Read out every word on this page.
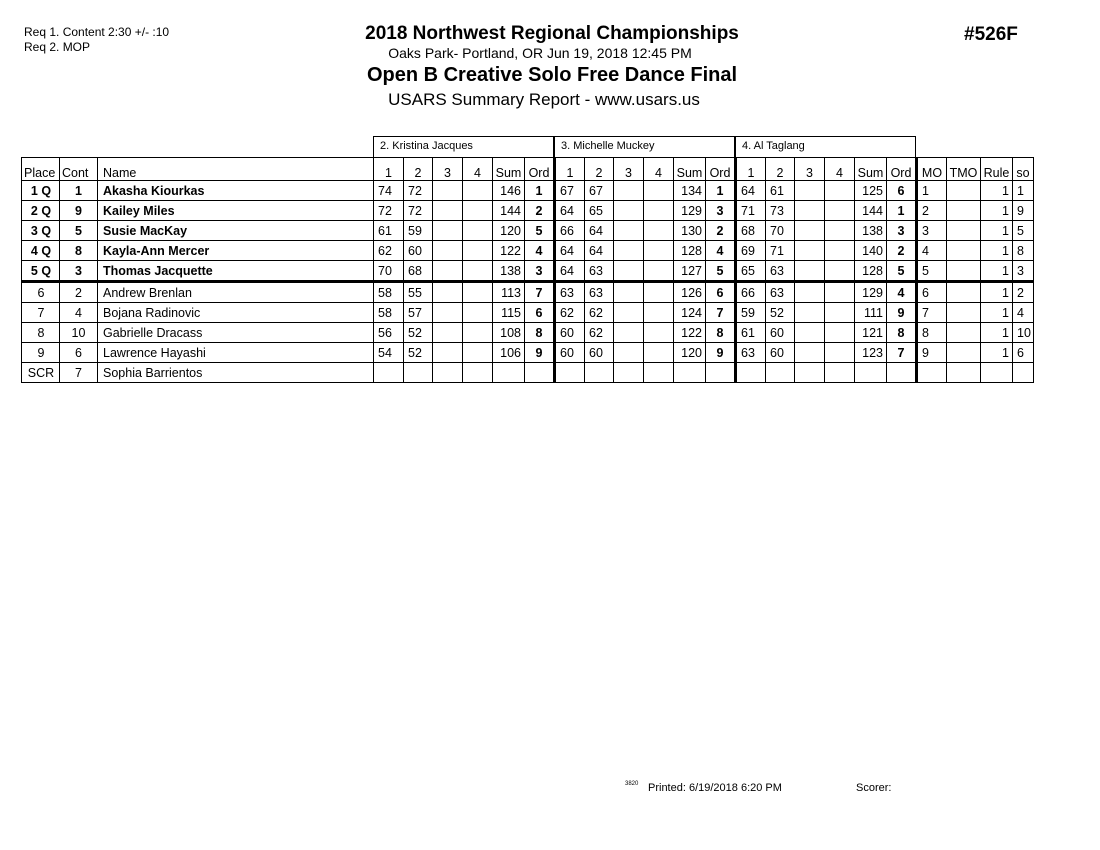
Req 1. Content 2:30 +/- :10
Req 2. MOP
#526F
2018 Northwest Regional Championships
Oaks Park- Portland, OR Jun 19, 2018 12:45 PM
Open B Creative Solo Free Dance Final
USARS Summary Report - www.usars.us
2. Kristina Jacques	3. Michelle Muckey	4. Al Taglang
Place	Cont	Name	1	2	3	4	Sum	Ord	1	2	3	4	Sum	Ord	1	2	3	4	Sum	Ord	MO	TMO	Rule	so
1 Q	1	Akasha Kiourkas	74	72			146	1	67	67			134	1	64	61			125	6	1		1	1
2 Q	9	Kailey Miles	72	72			144	2	64	65			129	3	71	73			144	1	2		1	9
3 Q	5	Susie MacKay	61	59			120	5	66	64			130	2	68	70			138	3	3		1	5
4 Q	8	Kayla-Ann Mercer	62	60			122	4	64	64			128	4	69	71			140	2	4		1	8
5 Q	3	Thomas Jacquette	70	68			138	3	64	63			127	5	65	63			128	5	5		1	3
6	2	Andrew Brenlan	58	55			113	7	63	63			126	6	66	63			129	4	6		1	2
7	4	Bojana Radinovic	58	57			115	6	62	62			124	7	59	52			111	9	7		1	4
8	10	Gabrielle Dracass	56	52			108	8	60	62			122	8	61	60			121	8	8		1	10
9	6	Lawrence Hayashi	54	52			106	9	60	60			120	9	63	60			123	7	9		1	6
SCR	7	Sophia Barrientos																						
3820 Printed: 6/19/2018 6:20 PM	Scorer:
